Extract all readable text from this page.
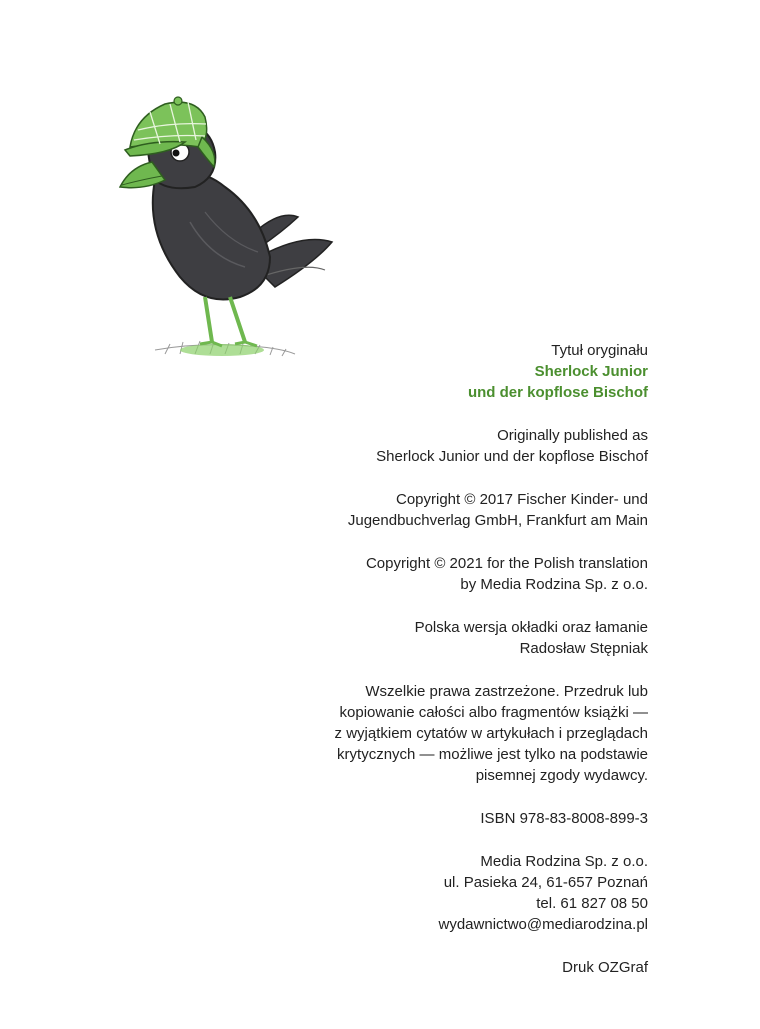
Tytuł oryginału

Sherlock Junior

und der kopflose Bischof

Originally published as

Sherlock Junior und der kopflose Bischof

Copyright © 2017 Fischer Kinder- und

Jugendbuchverlag GmbH, Frankfurt am Main

Copyright © 2021 for the Polish translation

by Media Rodzina Sp. z o.o.

Polska wersja okładki oraz łamanie

Radosław Stępniak

Wszelkie prawa zastrzeżone. Przedruk lub

kopiowanie całości albo fragmentów książki —

z wyjątkiem cytatów w artykułach i przeglądach

krytycznych — możliwe jest tylko na podstawie

pisemnej zgody wydawcy.

ISBN 978-83-8008-899-3

Media Rodzina Sp. z o.o.

ul. Pasieka 24, 61-657 Poznań

tel. 61 827 08 50

wydawnictwo@mediarodzina.pl

Druk OZGraf
